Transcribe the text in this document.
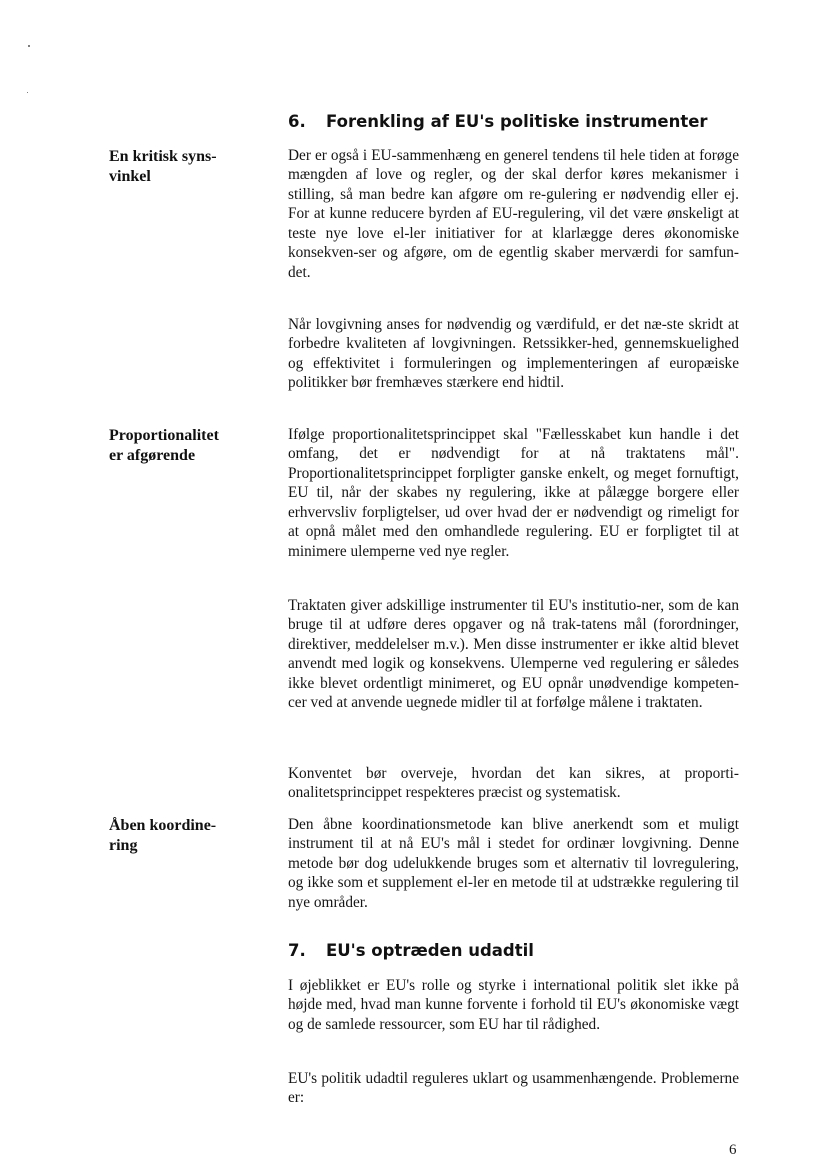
6. Forenkling af EU's politiske instrumenter

En kritisk syns-
vinkel

Der er også i EU-sammenhæng en generel tendens til hele tiden at forøge mængden af love og regler, og der skal derfor køres mekanismer i stilling, så man bedre kan afgøre om re-gulering er nødvendig eller ej. For at kunne reducere byrden af EU-regulering, vil det være ønskeligt at teste nye love el-ler initiativer for at klarlægge deres økonomiske konsekven-ser og afgøre, om de egentlig skaber merværdi for samfun-det.

Når lovgivning anses for nødvendig og værdifuld, er det næ-ste skridt at forbedre kvaliteten af lovgivningen. Retssikker-hed, gennemskuelighed og effektivitet i formuleringen og implementeringen af europæiske politikker bør fremhæves stærkere end hidtil.

Proportionalitet
er afgørende

Ifølge proportionalitetsprincippet skal "Fællesskabet kun handle i det omfang, det er nødvendigt for at nå traktatens mål". Proportionalitetsprincippet forpligter ganske enkelt, og meget fornuftigt, EU til, når der skabes ny regulering, ikke at pålægge borgere eller erhvervsliv forpligtelser, ud over hvad der er nødvendigt og rimeligt for at opnå målet med den omhandlede regulering. EU er forpligtet til at minimere ulemperne ved nye regler.

Traktaten giver adskillige instrumenter til EU's institutio-ner, som de kan bruge til at udføre deres opgaver og nå trak-tatens mål (forordninger, direktiver, meddelelser m.v.). Men disse instrumenter er ikke altid blevet anvendt med logik og konsekvens. Ulemperne ved regulering er således ikke blevet ordentligt minimeret, og EU opnår unødvendige kompeten-cer ved at anvende uegnede midler til at forfølge målene i traktaten.

Konventet bør overveje, hvordan det kan sikres, at proporti-onalitetsprincippet respekteres præcist og systematisk.

Åben koordine-
ring

Den åbne koordinationsmetode kan blive anerkendt som et muligt instrument til at nå EU's mål i stedet for ordinær lovgivning. Denne metode bør dog udelukkende bruges som et alternativ til lovregulering, og ikke som et supplement el-ler en metode til at udstrække regulering til nye områder.

7. EU's optræden udadtil

I øjeblikket er EU's rolle og styrke i international politik slet ikke på højde med, hvad man kunne forvente i forhold til EU's økonomiske vægt og de samlede ressourcer, som EU har til rådighed.

EU's politik udadtil reguleres uklart og usammenhængende. Problemerne er:

6
